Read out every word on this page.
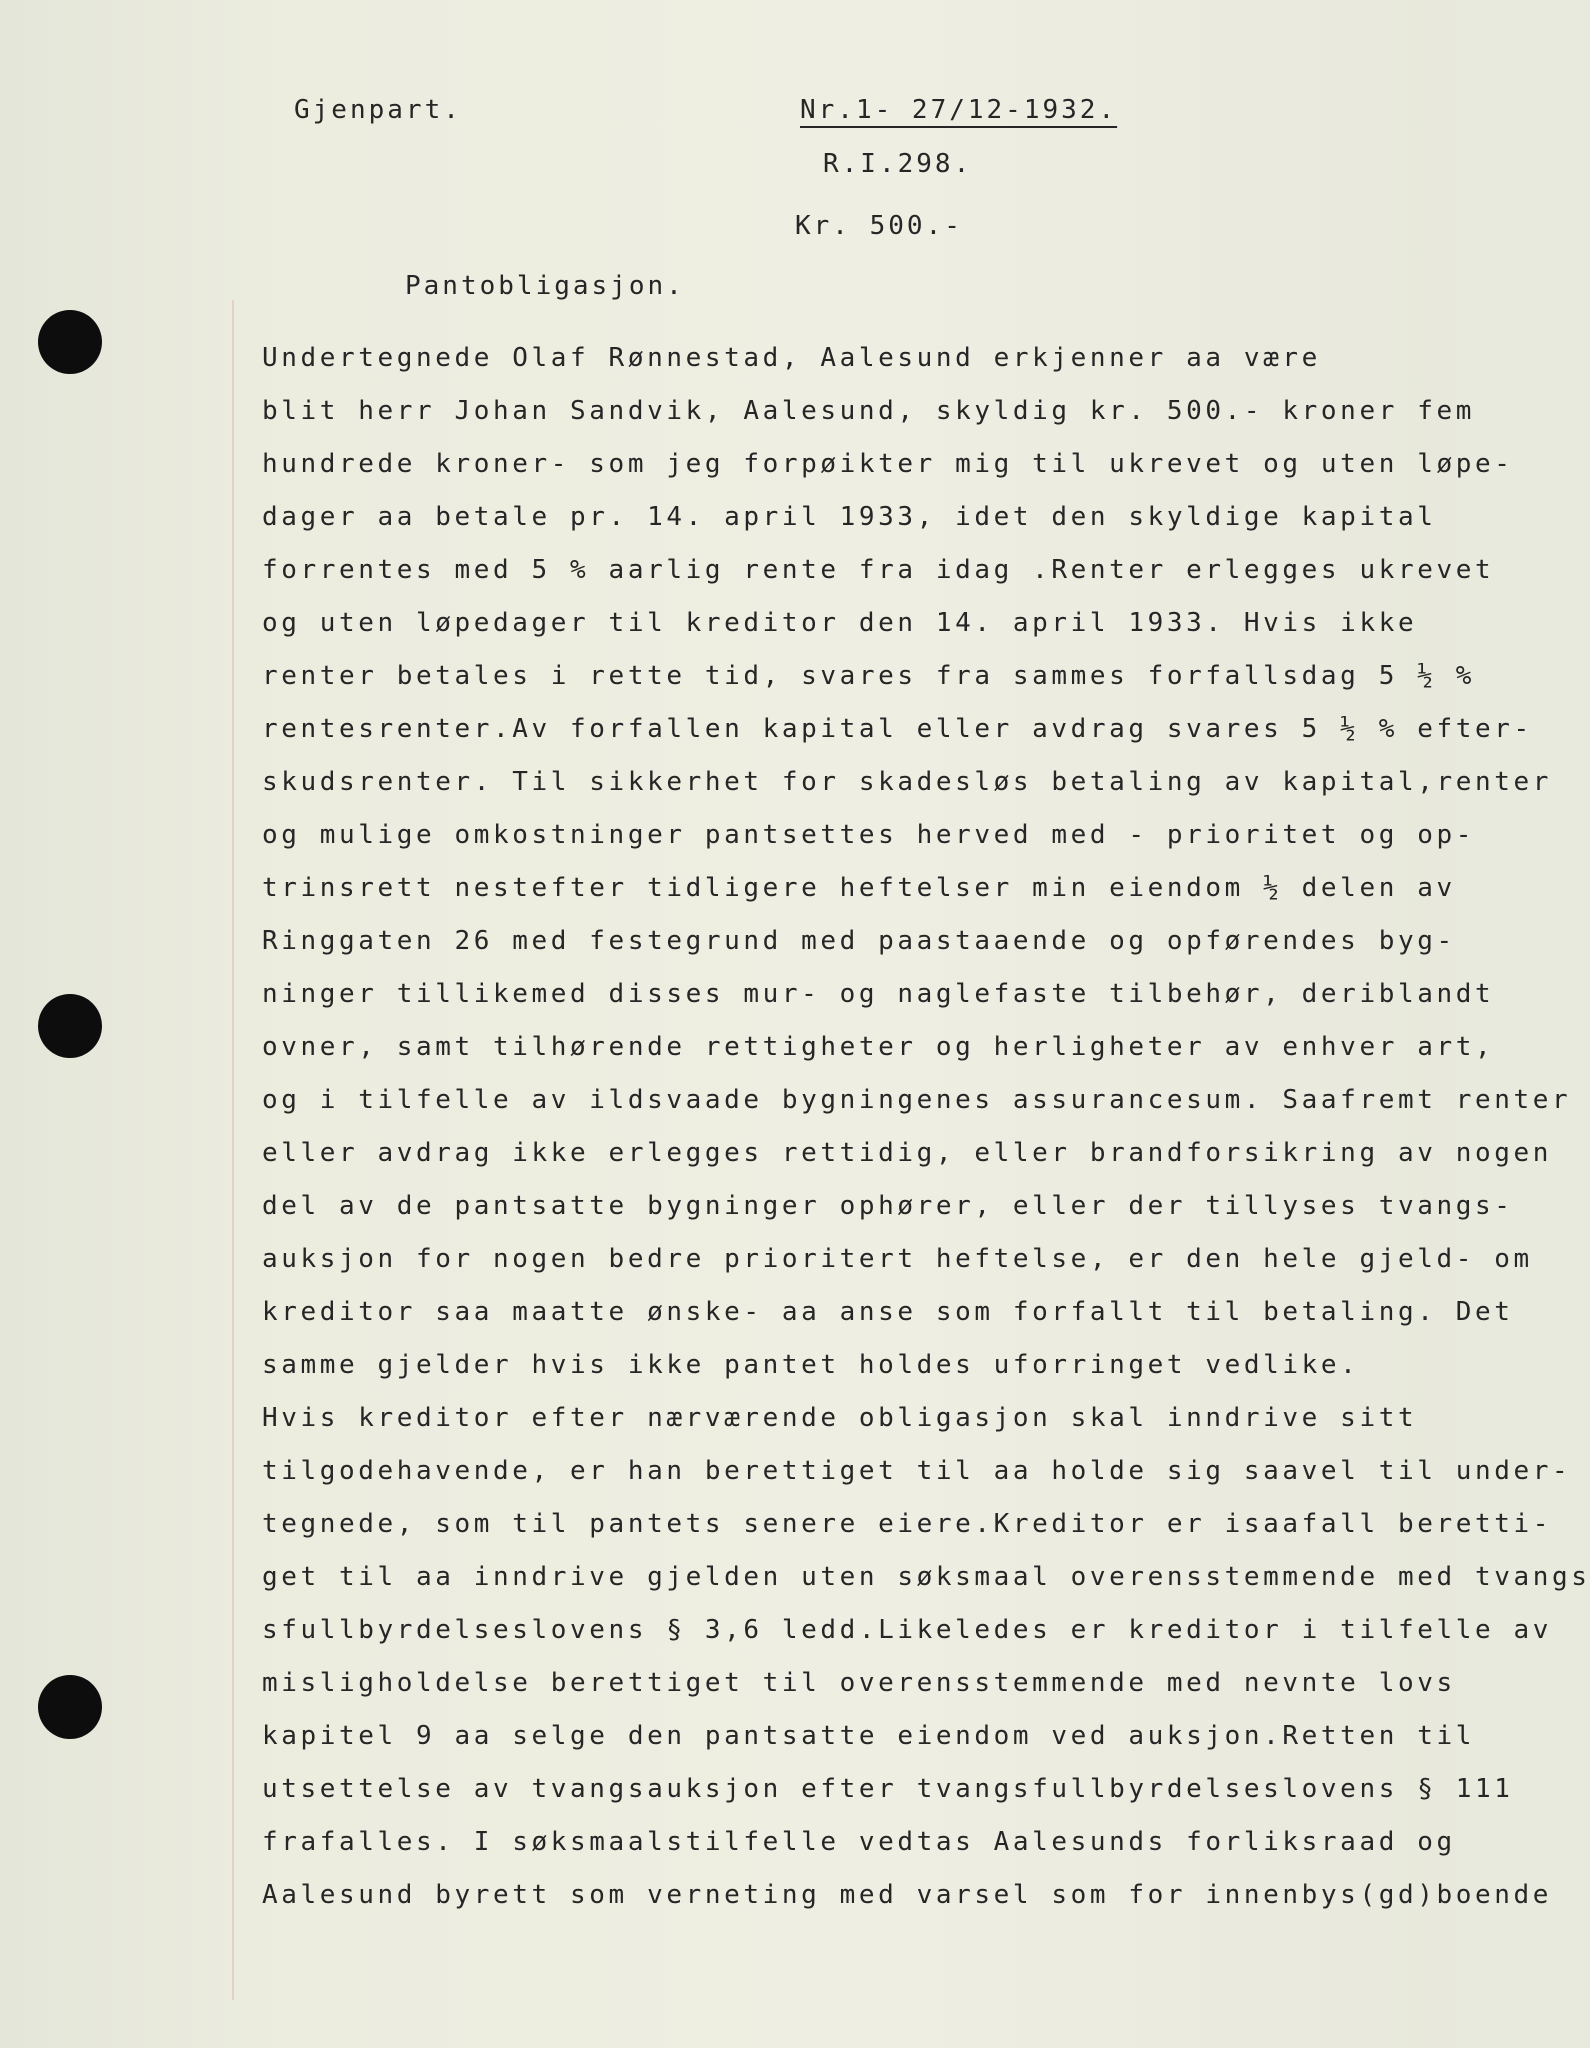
Gjenpart.	Nr.1- 27/12-1932.
R.I.298.
Kr. 500.-
Pantobligasjon.
Undertegnede Olaf Rønnestad, Aalesund erkjenner aa være
blit herr Johan Sandvik, Aalesund, skyldig kr. 500.- kroner fem
hundrede kroner- som jeg forpøikter mig til ukrevet og uten løpe-
dager aa betale pr. 14. april 1933, idet den skyldige kapital
forrentes med 5 % aarlig rente fra idag .Renter erlegges ukrevet
og uten løpedager til kreditor den 14. april 1933. Hvis ikke
renter betales i rette tid, svares fra sammes forfallsdag 5 ½ %
rentesrenter.Av forfallen kapital eller avdrag svares 5 ½ % efter-
skudsrenter. Til sikkerhet for skadesløs betaling av kapital,renter
og mulige omkostninger pantsettes herved med - prioritet og op-
trinsrett nestefter tidligere heftelser min eiendom ½ delen av
Ringgaten 26 med festegrund med paastaaende og opførendes byg-
ninger tillikemed disses mur- og naglefaste tilbehør, deriblandt
ovner, samt tilhørende rettigheter og herligheter av enhver art,
og i tilfelle av ildsvaade bygningenes assurancesum. Saafremt renter
eller avdrag ikke erlegges rettidig, eller brandforsikring av nogen
del av de pantsatte bygninger ophører, eller der tillyses tvangs-
auksjon for nogen bedre prioritert heftelse, er den hele gjeld- om
kreditor saa maatte ønske- aa anse som forfallt til betaling. Det
samme gjelder hvis ikke pantet holdes uforringet vedlike.
Hvis kreditor efter nærværende obligasjon skal inndrive sitt
tilgodehavende, er han berettiget til aa holde sig saavel til under-
tegnede, som til pantets senere eiere.Kreditor er isaafall beretti-
get til aa inndrive gjelden uten søksmaal overensstemmende med tvangs
sfullbyrdelseslovens § 3,6 ledd.Likeledes er kreditor i tilfelle av
misligholdelse berettiget til overensstemmende med nevnte lovs
kapitel 9 aa selge den pantsatte eiendom ved auksjon.Retten til
utsettelse av tvangsauksjon efter tvangsfullbyrdelseslovens § 111
frafalles. I søksmaalstilfelle vedtas Aalesunds forliksraad og
Aalesund byrett som verneting med varsel som for innenbys(gd)boende
